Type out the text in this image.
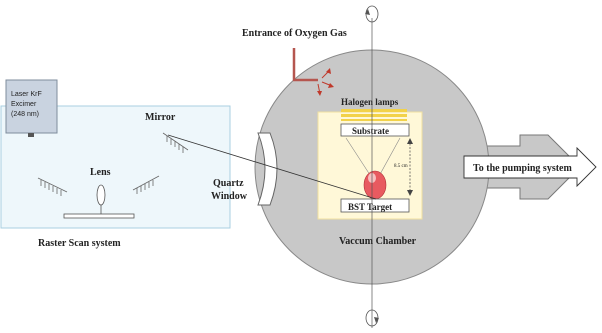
Laser KrF
Excimer
(248 nm)	Mirror
Lens
Raster Scan system
Halogen lamps
Substrate
8.5 cm
BST Target
Vaccum Chamber
Quartz
Window
Entrance of Oxygen Gas
To the pumping system
